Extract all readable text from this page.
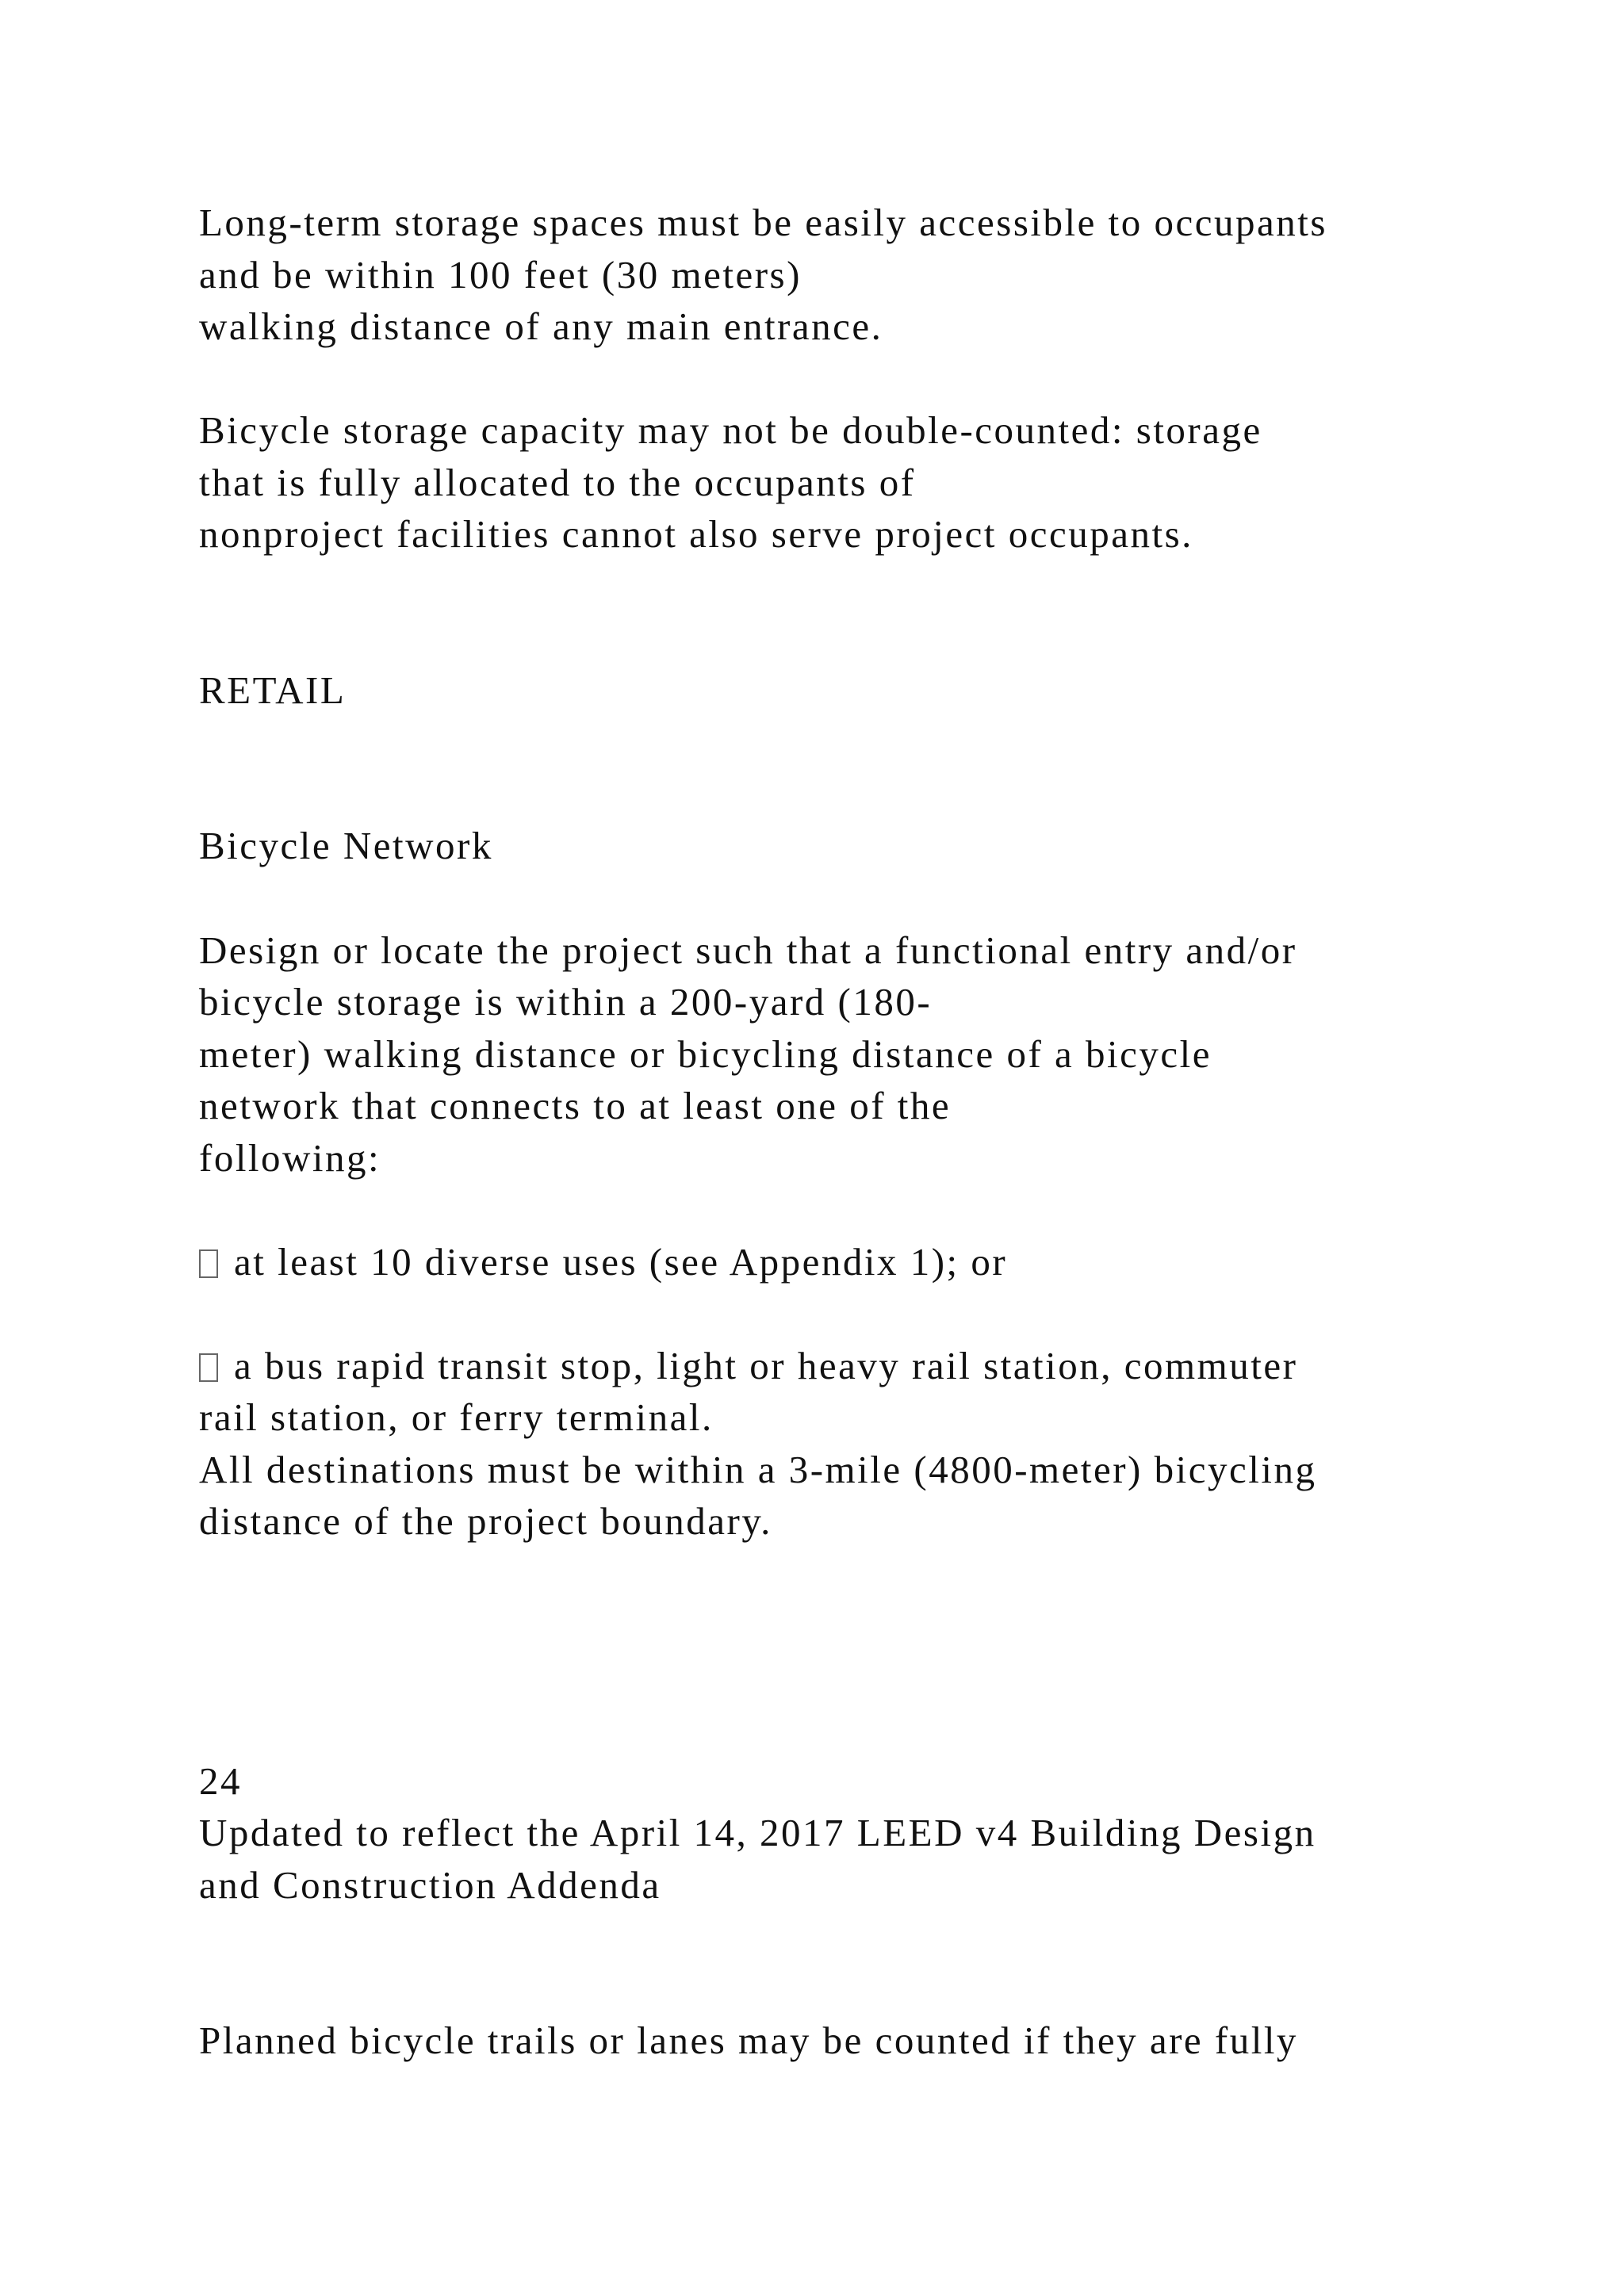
Long-term storage spaces must be easily accessible to occupants
and be within 100 feet (30 meters)
walking distance of any main entrance.
Bicycle storage capacity may not be double-counted: storage
that is fully allocated to the occupants of
nonproject facilities cannot also serve project occupants.
RETAIL
Bicycle Network
Design or locate the project such that a functional entry and/or
bicycle storage is within a 200-yard (180-
meter) walking distance or bicycling distance of a bicycle
network that connects to at least one of the
following:
at least 10 diverse uses (see Appendix 1); or
a bus rapid transit stop, light or heavy rail station, commuter
rail station, or ferry terminal.
All destinations must be within a 3-mile (4800-meter) bicycling
distance of the project boundary.
24
Updated to reflect the April 14, 2017 LEED v4 Building Design
and Construction Addenda
Planned bicycle trails or lanes may be counted if they are fully
